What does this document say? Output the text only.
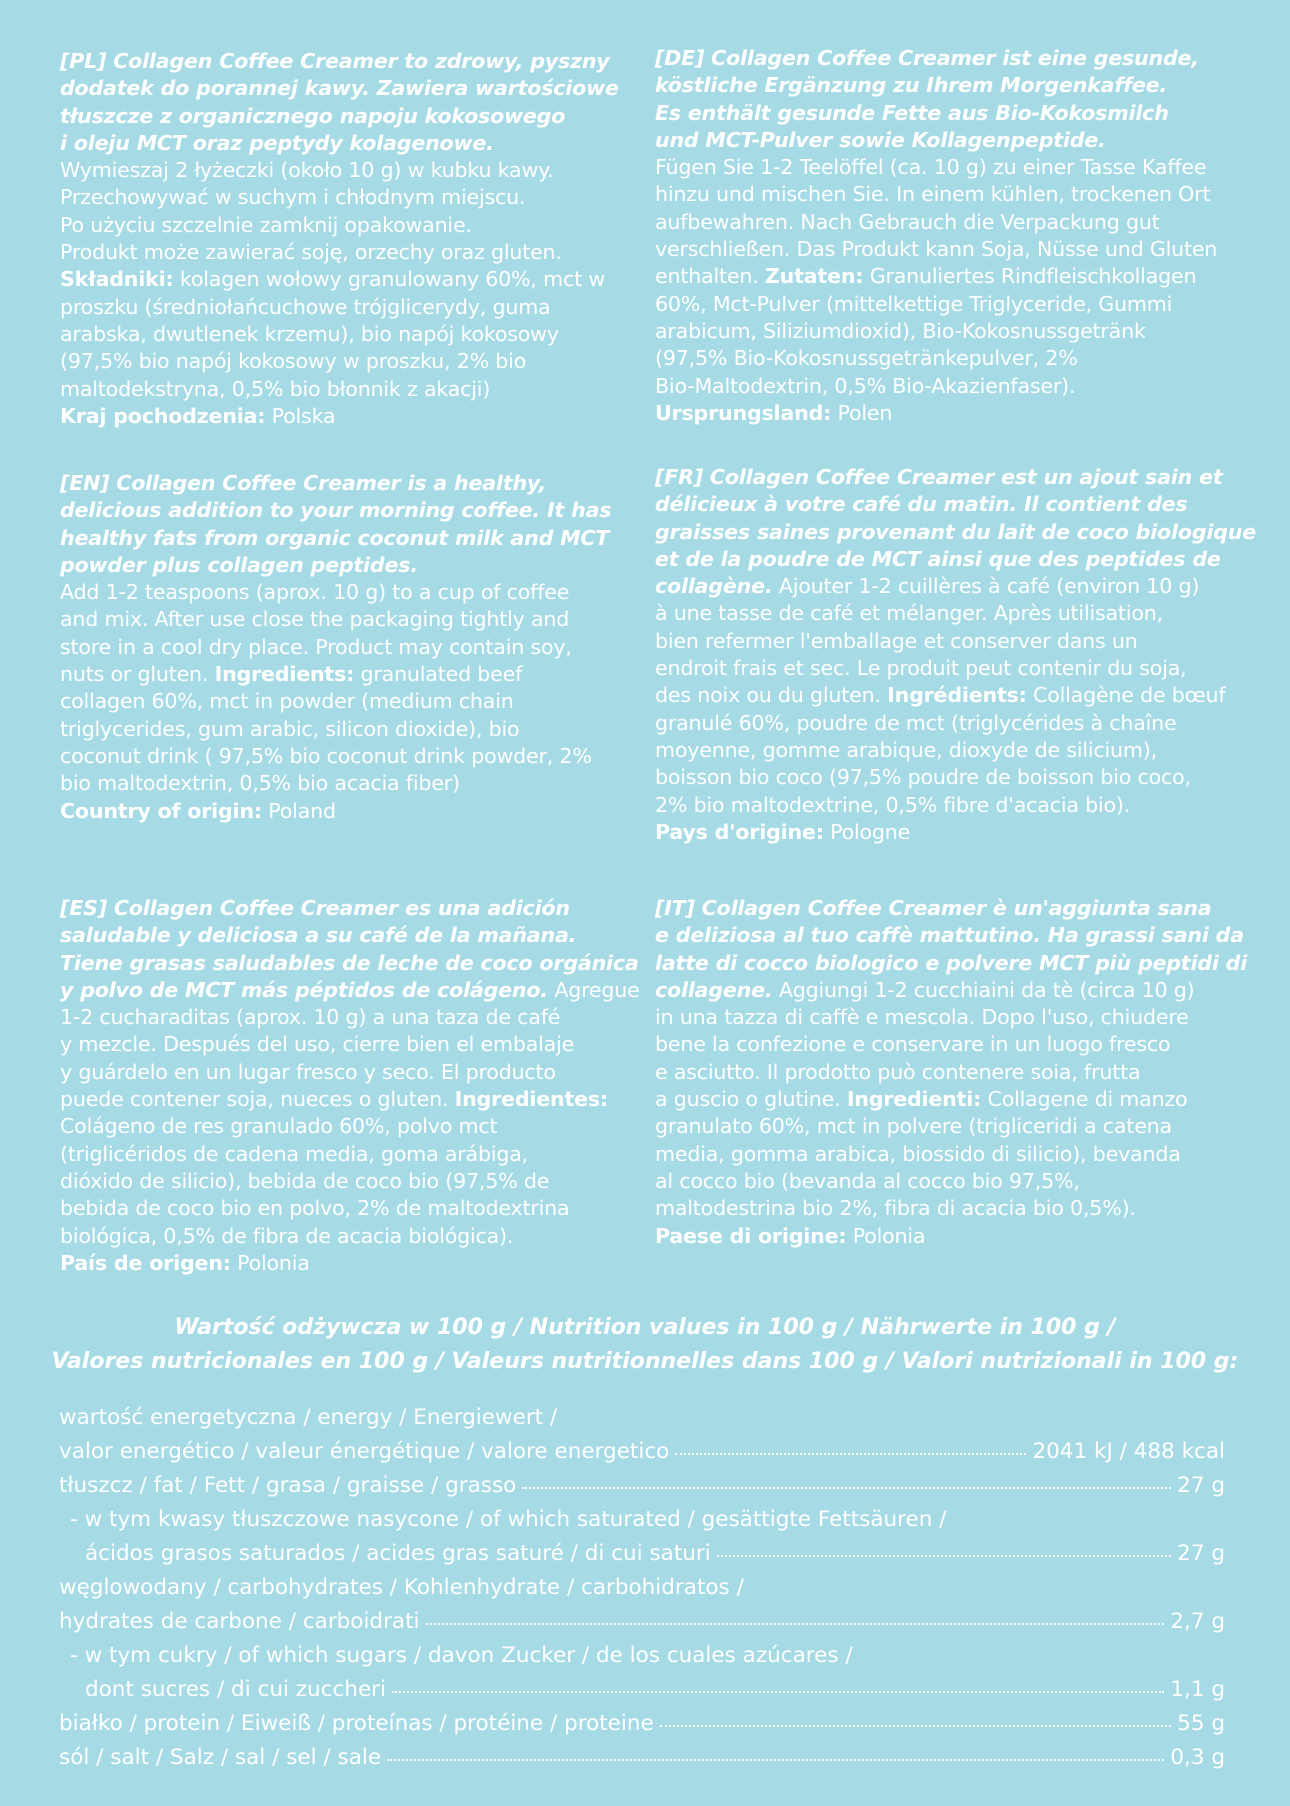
[PL] Collagen Coffee Creamer to zdrowy, pyszny
dodatek do porannej kawy. Zawiera wartościowe
tłuszcze z organicznego napoju kokosowego
i oleju MCT oraz peptydy kolagenowe.
Wymieszaj 2 łyżeczki (około 10 g) w kubku kawy.
Przechowywać w suchym i chłodnym miejscu.
Po użyciu szczelnie zamknij opakowanie.
Produkt może zawierać soję, orzechy oraz gluten.
Składniki: kolagen wołowy granulowany 60%, mct w
proszku (średniołańcuchowe trójglicerydy, guma
arabska, dwutlenek krzemu), bio napój kokosowy
(97,5% bio napój kokosowy w proszku, 2% bio
maltodekstryna, 0,5% bio błonnik z akacji)
Kraj pochodzenia: Polska
[DE] Collagen Coffee Creamer ist eine gesunde,
köstliche Ergänzung zu Ihrem Morgenkaffee.
Es enthält gesunde Fette aus Bio-Kokosmilch
und MCT-Pulver sowie Kollagenpeptide.
Fügen Sie 1-2 Teelöffel (ca. 10 g) zu einer Tasse Kaffee
hinzu und mischen Sie. In einem kühlen, trockenen Ort
aufbewahren. Nach Gebrauch die Verpackung gut
verschließen. Das Produkt kann Soja, Nüsse und Gluten
enthalten. Zutaten: Granuliertes Rindfleischkollagen
60%, Mct-Pulver (mittelkettige Triglyceride, Gummi
arabicum, Siliziumdioxid), Bio-Kokosnussgetränk
(97,5% Bio-Kokosnussgetränkepulver, 2%
Bio-Maltodextrin, 0,5% Bio-Akazienfaser).
Ursprungsland: Polen
[EN] Collagen Coffee Creamer is a healthy,
delicious addition to your morning coffee. It has
healthy fats from organic coconut milk and MCT
powder plus collagen peptides.
Add 1-2 teaspoons (aprox. 10 g) to a cup of coffee
and mix. After use close the packaging tightly and
store in a cool dry place. Product may contain soy,
nuts or gluten. Ingredients: granulated beef
collagen 60%, mct in powder (medium chain
triglycerides, gum arabic, silicon dioxide), bio
coconut drink ( 97,5% bio coconut drink powder, 2%
bio maltodextrin, 0,5% bio acacia fiber)
Country of origin: Poland
[FR] Collagen Coffee Creamer est un ajout sain et
délicieux à votre café du matin. Il contient des
graisses saines provenant du lait de coco biologique
et de la poudre de MCT ainsi que des peptides de
collagène. Ajouter 1-2 cuillères à café (environ 10 g)
à une tasse de café et mélanger. Après utilisation,
bien refermer l'emballage et conserver dans un
endroit frais et sec. Le produit peut contenir du soja,
des noix ou du gluten. Ingrédients: Collagène de bœuf
granulé 60%, poudre de mct (triglycérides à chaîne
moyenne, gomme arabique, dioxyde de silicium),
boisson bio coco (97,5% poudre de boisson bio coco,
2% bio maltodextrine, 0,5% fibre d'acacia bio).
Pays d'origine: Pologne
[ES] Collagen Coffee Creamer es una adición
saludable y deliciosa a su café de la mañana.
Tiene grasas saludables de leche de coco orgánica
y polvo de MCT más péptidos de colágeno. Agregue
1-2 cucharaditas (aprox. 10 g) a una taza de café
y mezcle. Después del uso, cierre bien el embalaje
y guárdelo en un lugar fresco y seco. El producto
puede contener soja, nueces o gluten. Ingredientes:
Colágeno de res granulado 60%, polvo mct
(triglicéridos de cadena media, goma arábiga,
dióxido de silicio), bebida de coco bio (97,5% de
bebida de coco bio en polvo, 2% de maltodextrina
biológica, 0,5% de fibra de acacia biológica).
País de origen: Polonia
[IT] Collagen Coffee Creamer è un'aggiunta sana
e deliziosa al tuo caffè mattutino. Ha grassi sani da
latte di cocco biologico e polvere MCT più peptidi di
collagene. Aggiungi 1-2 cucchiaini da tè (circa 10 g)
in una tazza di caffè e mescola. Dopo l'uso, chiudere
bene la confezione e conservare in un luogo fresco
e asciutto. Il prodotto può contenere soia, frutta
a guscio o glutine. Ingredienti: Collagene di manzo
granulato 60%, mct in polvere (trigliceridi a catena
media, gomma arabica, biossido di silicio), bevanda
al cocco bio (bevanda al cocco bio 97,5%,
maltodestrina bio 2%, fibra di acacia bio 0,5%).
Paese di origine: Polonia
Wartość odżywcza w 100 g / Nutrition values in 100 g / Nährwerte in 100 g /
Valores nutricionales en 100 g / Valeurs nutritionnelles dans 100 g / Valori nutrizionali in 100 g:
wartość energetyczna / energy / Energiewert /
valor energético / valeur énergétique / valore energetico	2041 kJ / 488 kcal
tłuszcz / fat / Fett / grasa / graisse / grasso	27 g
- w tym kwasy tłuszczowe nasycone / of which saturated / gesättigte Fettsäuren /
ácidos grasos saturados / acides gras saturé / di cui saturi	27 g
węglowodany / carbohydrates / Kohlenhydrate / carbohidratos /
hydrates de carbone / carboidrati	2,7 g
- w tym cukry / of which sugars / davon Zucker / de los cuales azúcares /
dont sucres / di cui zuccheri	1,1 g
białko / protein / Eiweiß / proteínas / protéine / proteine	55 g
sól / salt / Salz / sal / sel / sale	0,3 g
